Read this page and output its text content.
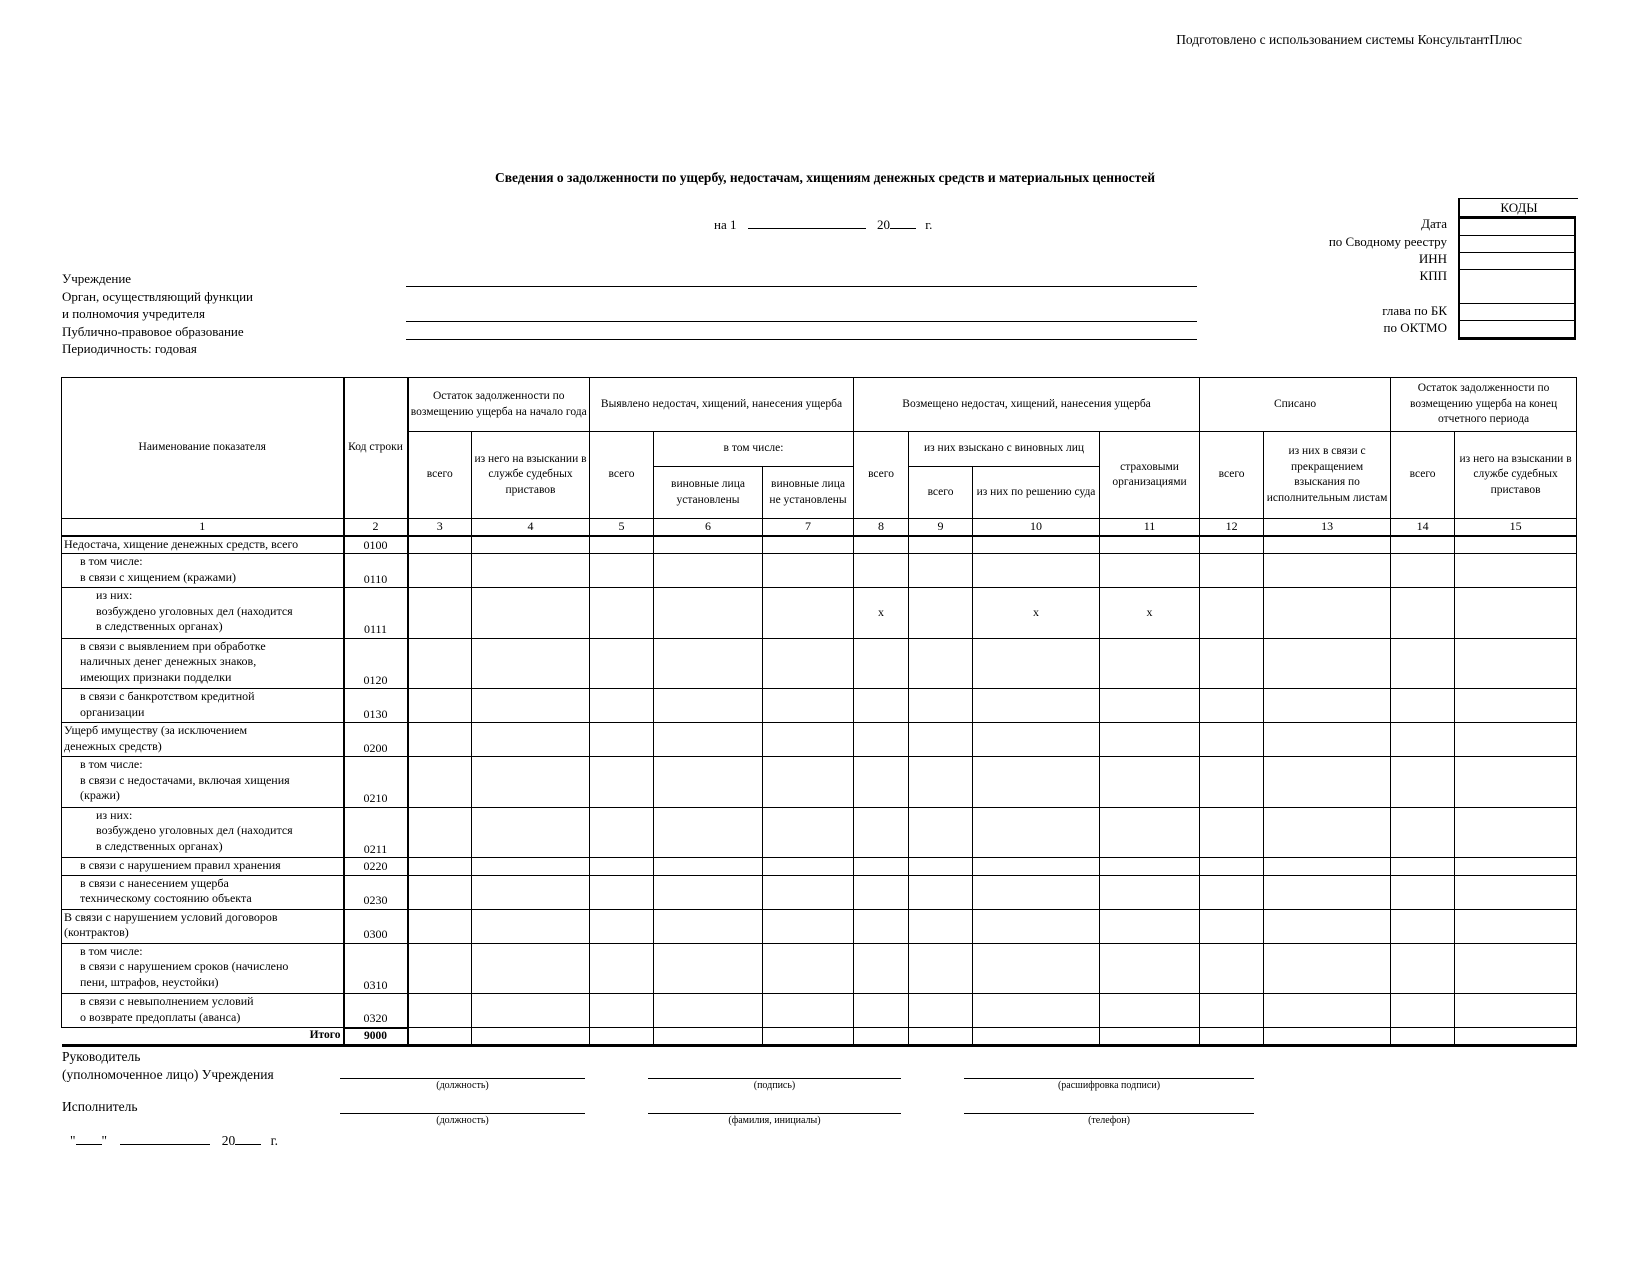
Подготовлено с использованием системы КонсультантПлюс
Сведения о задолженности по ущербу, недостачам, хищениям денежных средств и материальных ценностей
на 1	20	г.
Учреждение
Орган, осуществляющий функции
и полномочия учредителя
Публично-правовое образование
Периодичность: годовая
КОДЫ

Дата
по Сводному реестру
ИНН
КПП
глава по БК
по ОКТМО
Наименование показателя	Код строки	Остаток задолженности по возмещению ущерба на начало года		Выявлено недостач, хищений, нанесения ущерба			Возмещено недостач, хищений, нанесения ущерба				Списано		Остаток задолженности по возмещению ущерба на конец отчетного периода	
		всего	из него на взыскании в службе судебных приставов	всего	в том числе:		всего	из них взыскано с виновных лиц		страховыми организациями	всего	из них в связи с прекращением взыскания по исполнительным листам	всего	из него на взыскании в службе судебных приставов
					виновные лица установлены	виновные лица не установлены		всего	из них по решению суда					
1	2	3	4	5	6	7	8	9	10	11	12	13	14	15

Недостача, хищение денежных средств, всего	0100													

в том числе:
в связи с хищением (кражами)	0110													

из них:
возбуждено уголовных дел (находится
в следственных органах)	0111						x		x	x				

в связи с выявлением при обработке
наличных денег денежных знаков,
имеющих признаки подделки	0120													

в связи с банкротством кредитной
организации	0130													

Ущерб имуществу (за исключением
денежных средств)	0200													

в том числе:
в связи с недостачами, включая хищения
(кражи)	0210													

из них:
возбуждено уголовных дел (находится
в следственных органах)	0211													

в связи с нарушением правил хранения	0220													

в связи с нанесением ущерба
техническому состоянию объекта	0230													

В связи с нарушением условий договоров
(контрактов)	0300													

в том числе:
в связи с нарушением сроков (начислено
пени, штрафов, неустойки)	0310													

в связи с невыполнением условий
о возврате предоплаты (аванса)	0320													
Итого	9000													
Руководитель
(уполномоченное лицо) Учреждения
Исполнитель
(должность)	(подпись)	(расшифровка подписи)
(должность)	(фамилия, инициалы)	(телефон)
" "	20	г.
